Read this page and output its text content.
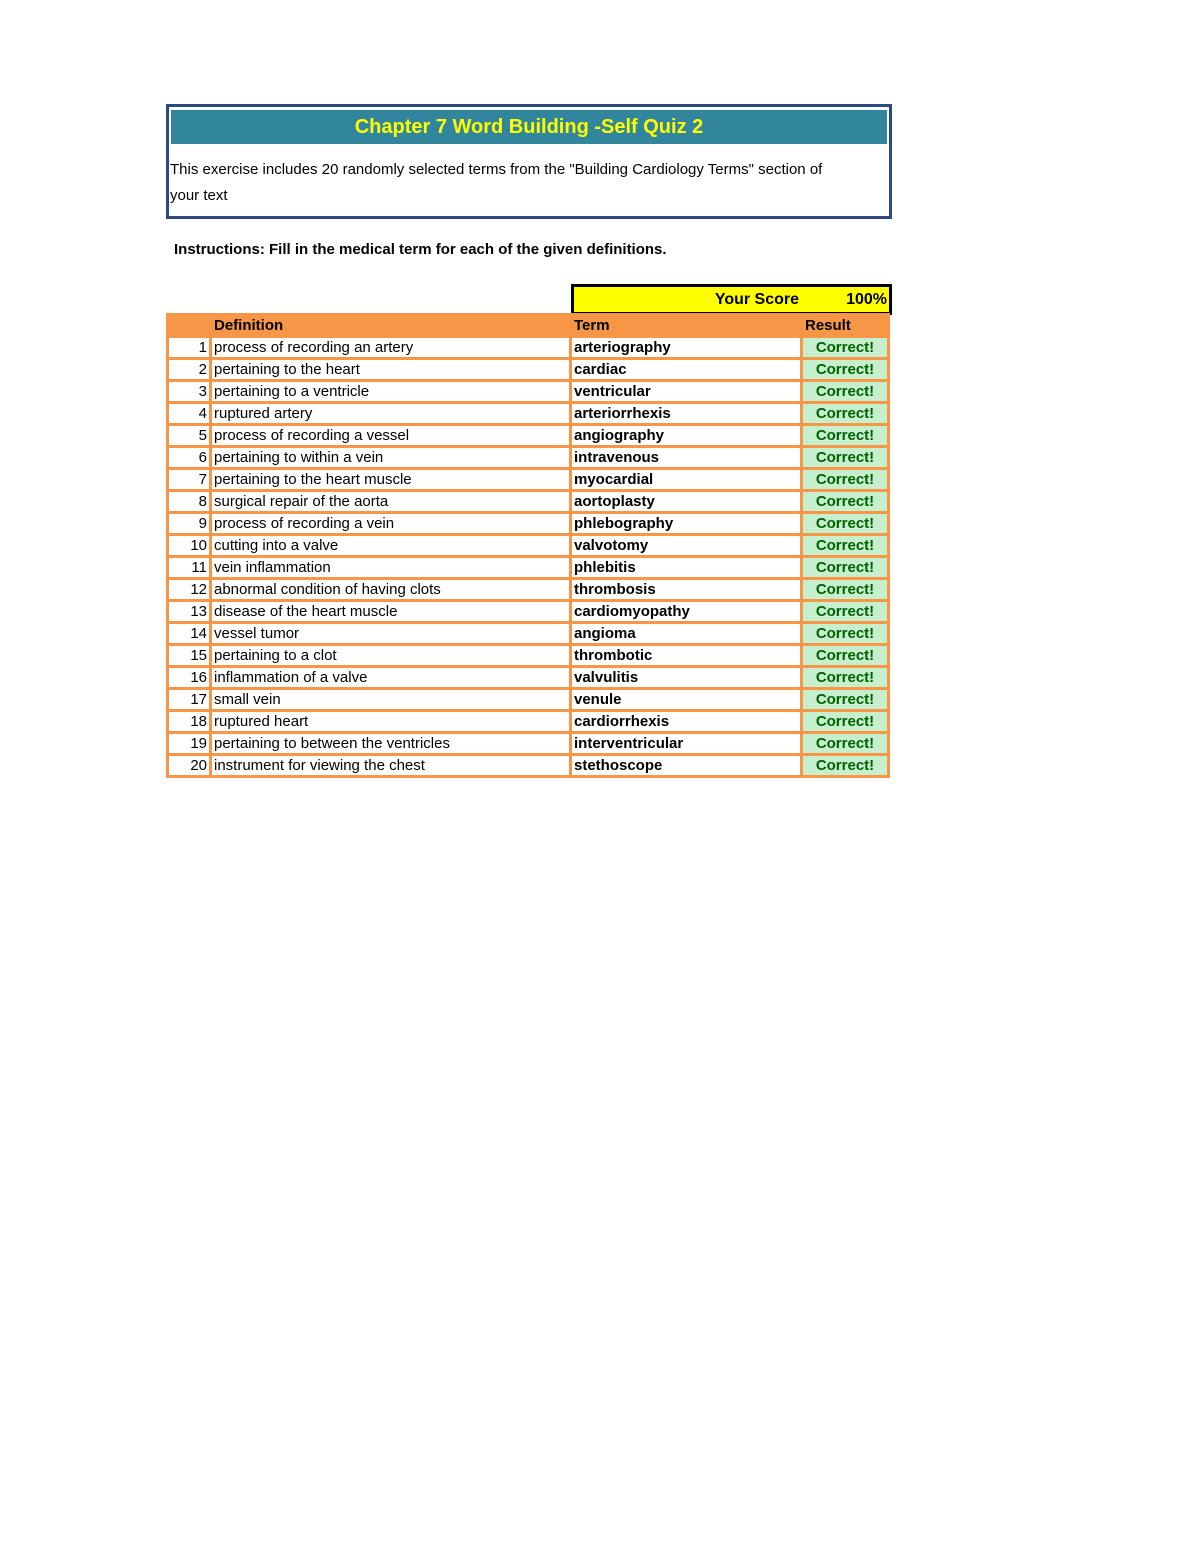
Chapter 7 Word Building -Self Quiz 2
This exercise includes 20 randomly selected terms from the "Building Cardiology Terms" section of your text
Instructions: Fill in the medical term for each of the given definitions.
Your Score	100%
	Definition	Term	Result
1	process of recording an artery	arteriography	Correct!
2	pertaining to the heart	cardiac	Correct!
3	pertaining to a ventricle	ventricular	Correct!
4	ruptured artery	arteriorrhexis	Correct!
5	process of recording a vessel	angiography	Correct!
6	pertaining to within a vein	intravenous	Correct!
7	pertaining to the heart muscle	myocardial	Correct!
8	surgical repair of the aorta	aortoplasty	Correct!
9	process of recording a vein	phlebography	Correct!
10	cutting into a valve	valvotomy	Correct!
11	vein inflammation	phlebitis	Correct!
12	abnormal condition of having clots	thrombosis	Correct!
13	disease of the heart muscle	cardiomyopathy	Correct!
14	vessel tumor	angioma	Correct!
15	pertaining to a clot	thrombotic	Correct!
16	inflammation of a valve	valvulitis	Correct!
17	small vein	venule	Correct!
18	ruptured heart	cardiorrhexis	Correct!
19	pertaining to between the ventricles	interventricular	Correct!
20	instrument for viewing the chest	stethoscope	Correct!
